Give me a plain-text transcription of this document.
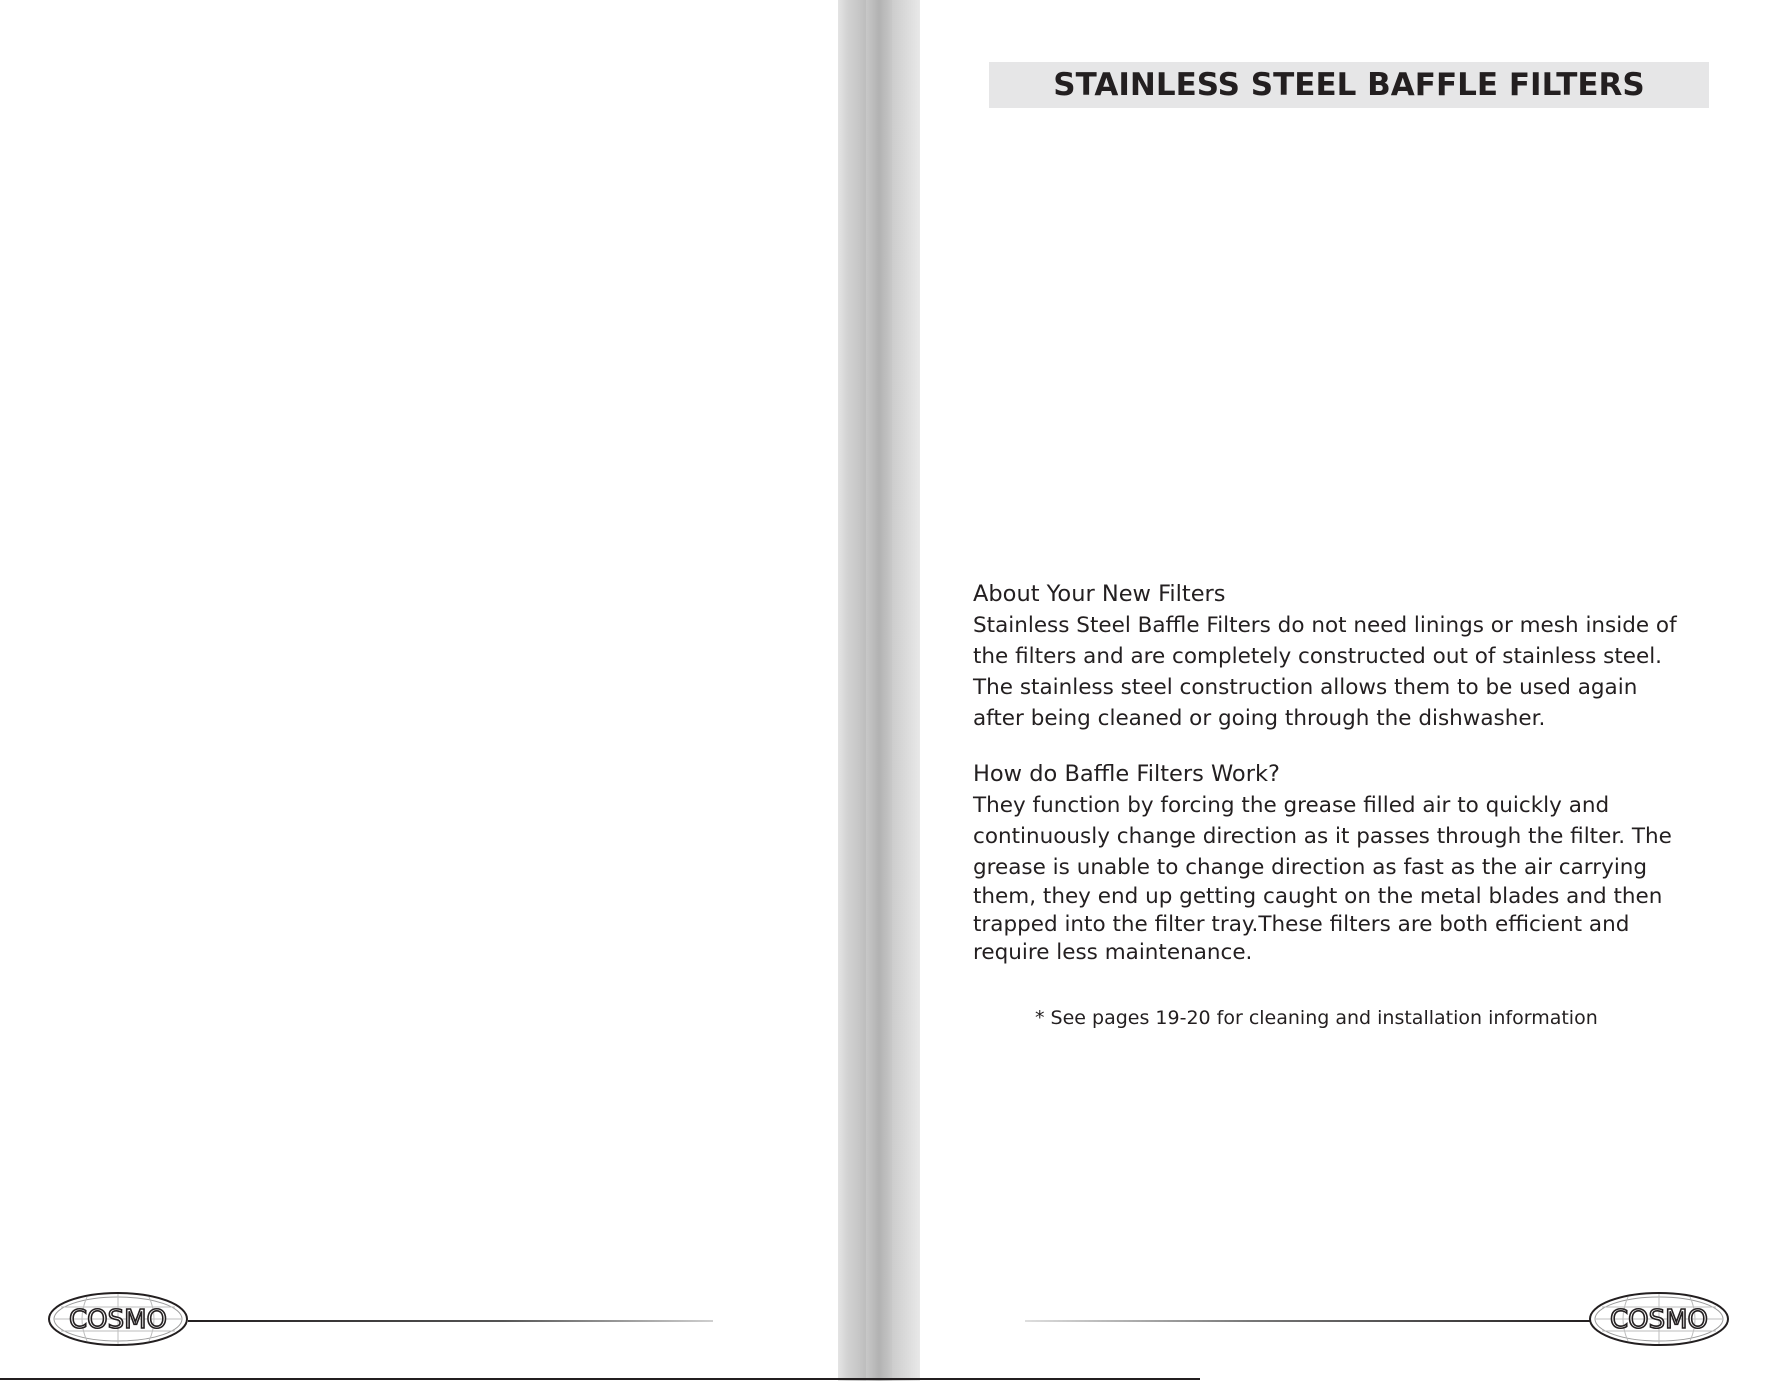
STAINLESS STEEL BAFFLE FILTERS
About Your New Filters

Stainless Steel Baffle Filters do not need linings or mesh inside of

the filters and are completely constructed out of stainless steel.

The stainless steel construction allows them to be used again

after being cleaned or going through the dishwasher.

How do Baffle Filters Work?

They function by forcing the grease filled air to quickly and

continuously change direction as it passes through the filter. The

grease is unable to change direction as fast as the air carrying

them, they end up getting caught on the metal blades and then

trapped into the filter tray.These filters are both efficient and

require less maintenance.

* See pages 19-20 for cleaning and installation information
COSMO	COSMO
